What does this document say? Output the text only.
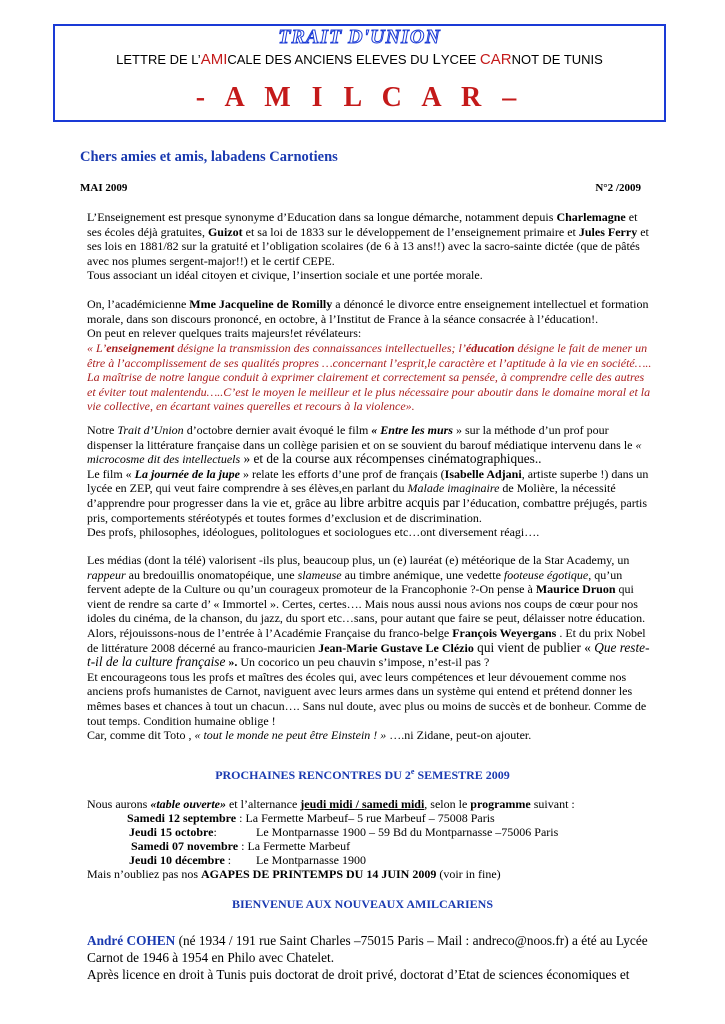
TRAIT D'UNION
LETTRE DE L’AMICALE DES ANCIENS ELEVES DU LYCEE CARNOT DE TUNIS
- A M I L C A R –
Chers amies et amis, labadens Carnotiens
MAI 2009	N°2 /2009

L’Enseignement est presque synonyme d’Education dans sa longue démarche, notamment depuis Charlemagne et ses écoles déjà gratuites, Guizot et sa loi de 1833 sur le développement de l’enseignement primaire et Jules Ferry et ses lois en 1881/82 sur la gratuité et l’obligation scolaires (de 6 à 13 ans!!) avec la sacro-sainte dictée (que de pâtés avec nos plumes sergent-major!!) et le certif CEPE.
Tous associant un idéal citoyen et civique, l’insertion sociale et une portée morale.

On, l’académicienne Mme Jacqueline de Romilly a dénoncé le divorce entre enseignement intellectuel et formation morale, dans son discours prononcé, en octobre, à l’Institut de France à la séance consacrée à l’éducation!.
On peut en relever quelques traits majeurs!et révélateurs:

« L’enseignement désigne la transmission des connaissances intellectuelles; l’éducation désigne le fait de mener un être à l’accomplissement de ses qualités propres …concernant l’esprit,le caractère et l’aptitude à la vie en société….. La maîtrise de notre langue conduit à exprimer clairement et correctement sa pensée, à comprendre celle des autres et éviter tout malentendu…..C’est le moyen le meilleur et le plus nécessaire pour aboutir dans le domaine moral et la vie collective, en écartant vaines querelles et recours à la violence».

Notre Trait d’Union d’octobre dernier avait évoqué le film « Entre les murs » sur la méthode d’un prof pour dispenser la littérature française dans un collège parisien et on se souvient du barouf médiatique intervenu dans le « microcosme dit des intellectuels » et de la course aux récompenses cinématographiques..
Le film « La journée de la jupe » relate les efforts d’une prof de français (Isabelle Adjani, artiste superbe !) dans un lycée en ZEP, qui veut faire comprendre à ses élèves,en parlant du Malade imaginaire de Molière, la nécessité d’apprendre pour progresser dans la vie et, grâce au libre arbitre acquis par l’éducation, combattre préjugés, partis pris, comportements stéréotypés et toutes formes d’exclusion et de discrimination.
Des profs, philosophes, idéologues, politologues et sociologues etc…ont diversement réagi….

Les médias (dont la télé) valorisent -ils plus, beaucoup plus, un (e) lauréat (e) météorique de la Star Academy, un rappeur au bredouillis onomatopéique, une slameuse au timbre anémique, une vedette footeuse égotique, qu’un fervent adepte de la Culture ou qu’un courageux promoteur de la Francophonie ?-On pense à Maurice Druon qui vient de rendre sa carte d’ « Immortel ». Certes, certes…. Mais nous aussi nous avions nos coups de cœur pour nos idoles du cinéma, de la chanson, du jazz, du sport etc…sans, pour autant que faire se peut, délaisser notre éducation.
Alors, réjouissons-nous de l’entrée à l’Académie Française du franco-belge François Weyergans . Et du prix Nobel de littérature 2008 décerné au franco-mauricien Jean-Marie Gustave Le Clézio qui vient de publier « Que reste-t-il de la culture française ». Un cocorico un peu chauvin s’impose, n’est-il pas ?
Et encourageons tous les profs et maîtres des écoles qui, avec leurs compétences et leur dévouement comme nos anciens profs humanistes de Carnot, naviguent avec leurs armes dans un système qui entend et prétend donner les mêmes bases et chances à tout un chacun…. Sans nul doute, avec plus ou moins de succès et de bonheur. Comme de tout temps. Condition humaine oblige !
Car, comme dit Toto , « tout le monde ne peut être Einstein ! » ….ni Zidane, peut-on ajouter.

PROCHAINES RENCONTRES DU 2e SEMESTRE 2009
Nous aurons «table ouverte» et l’alternance jeudi midi / samedi midi, selon le programme suivant :
Samedi 12 septembre : La Fermette Marbeuf– 5 rue Marbeuf – 75008 Paris
Jeudi 15 octobre:	Le Montparnasse 1900 – 59 Bd du Montparnasse –75006 Paris
Samedi 07 novembre : La Fermette Marbeuf
Jeudi 10 décembre : Le Montparnasse 1900
Mais n’oubliez pas nos AGAPES DE PRINTEMPS DU 14 JUIN 2009 (voir in fine)
BIENVENUE AUX NOUVEAUX AMILCARIENS
André COHEN (né 1934 / 191 rue Saint Charles –75015 Paris – Mail : andreco@noos.fr) a été au Lycée Carnot de 1946 à 1954 en Philo avec Chatelet.
Après licence en droit à Tunis puis doctorat de droit privé, doctorat d’Etat de sciences économiques et
